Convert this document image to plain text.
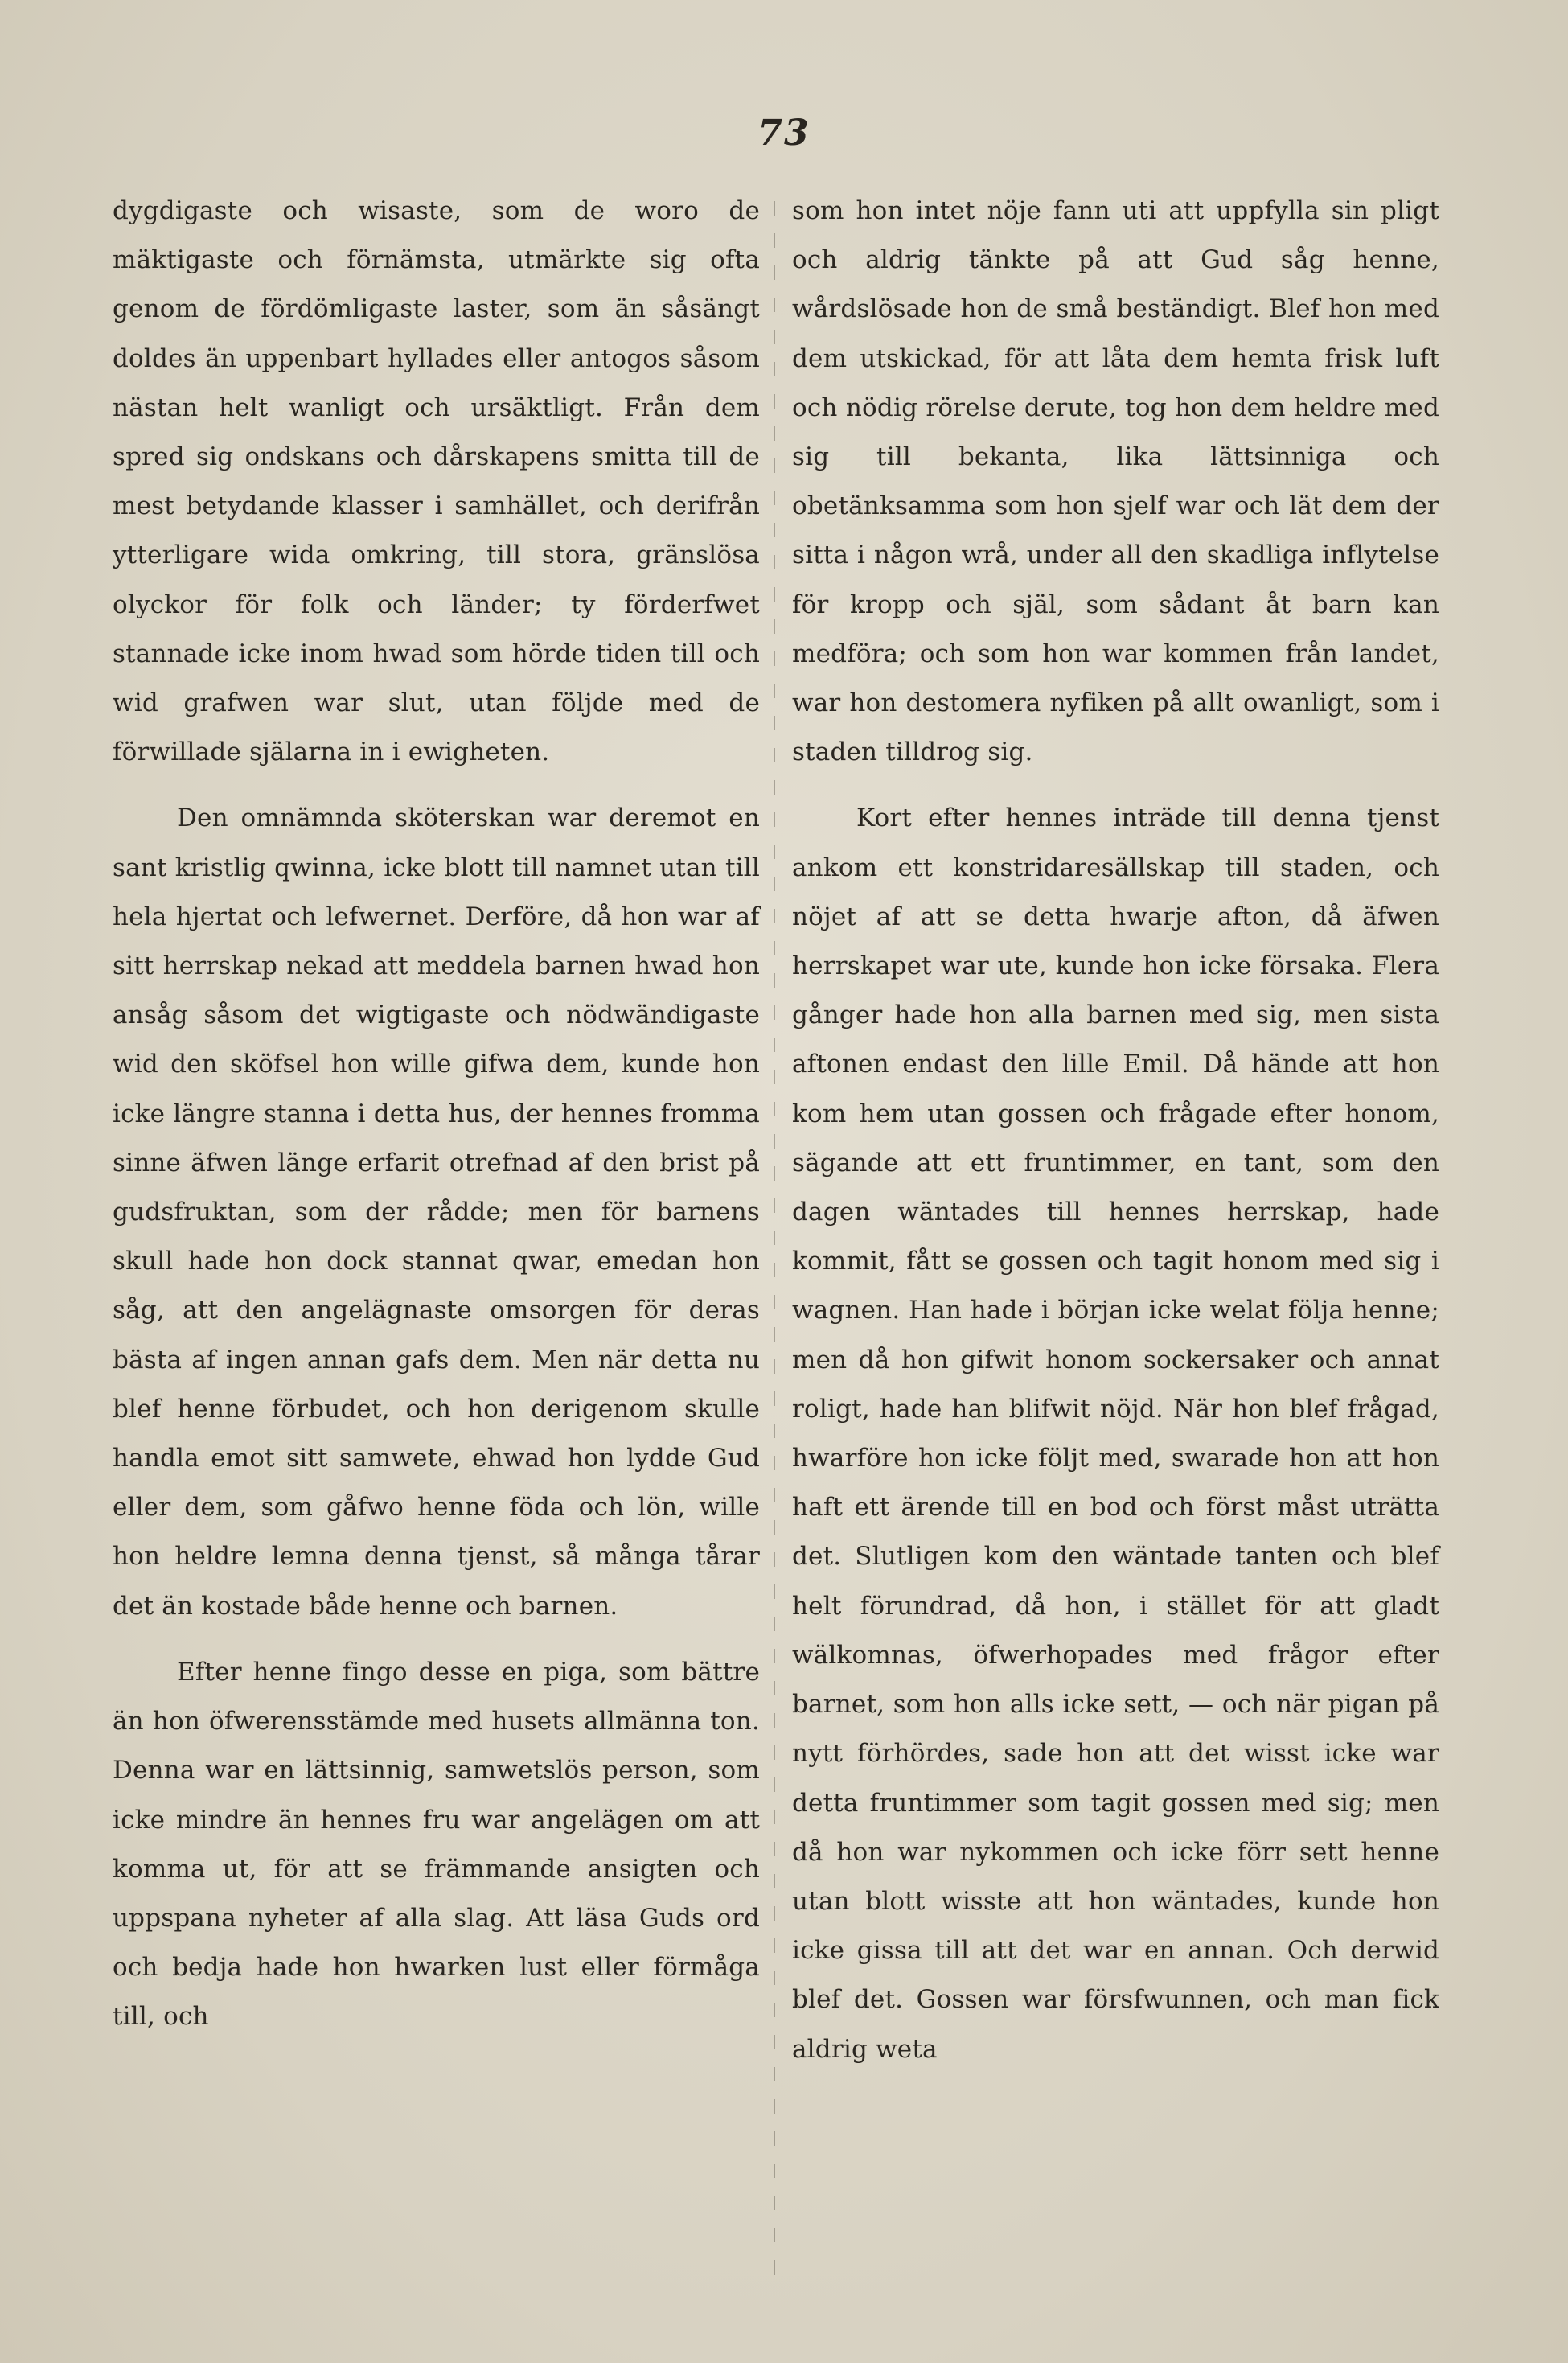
73

dygdigaste och wisaste, som de woro de mäktigaste och förnämsta, utmärkte sig ofta genom de fördömligaste laster, som än såsängt doldes än uppenbart hyllades eller antogos såsom nästan helt wanligt och ursäktligt. Från dem spred sig ondskans och dårskapens smitta till de mest betydande klasser i samhället, och derifrån ytterligare wida omkring, till stora, gränslösa olyckor för folk och länder; ty förderfwet stannade icke inom hwad som hörde tiden till och wid grafwen war slut, utan följde med de förwillade själarna in i ewigheten.

Den omnämnda sköterskan war deremot en sant kristlig qwinna, icke blott till namnet utan till hela hjertat och lefwernet. Derföre, då hon war af sitt herrskap nekad att meddela barnen hwad hon ansåg såsom det wigtigaste och nödwändigaste wid den sköfsel hon wille gifwa dem, kunde hon icke längre stanna i detta hus, der hennes fromma sinne äfwen länge erfarit otrefnad af den brist på gudsfruktan, som der rådde; men för barnens skull hade hon dock stannat qwar, emedan hon såg, att den angelägnaste omsorgen för deras bästa af ingen annan gafs dem. Men när detta nu blef henne förbudet, och hon derigenom skulle handla emot sitt samwete, ehwad hon lydde Gud eller dem, som gåfwo henne föda och lön, wille hon heldre lemna denna tjenst, så många tårar det än kostade både henne och barnen.

Efter henne fingo desse en piga, som bättre än hon öfwerensstämde med husets allmänna ton. Denna war en lättsinnig, samwetslös person, som icke mindre än hennes fru war angelägen om att komma ut, för att se främmande ansigten och uppspana nyheter af alla slag. Att läsa Guds ord och bedja hade hon hwarken lust eller förmåga till, och

som hon intet nöje fann uti att uppfylla sin pligt och aldrig tänkte på att Gud såg henne, wårdslösade hon de små beständigt. Blef hon med dem utskickad, för att låta dem hemta frisk luft och nödig rörelse derute, tog hon dem heldre med sig till bekanta, lika lättsinniga och obetänksamma som hon sjelf war och lät dem der sitta i någon wrå, under all den skadliga inflytelse för kropp och själ, som sådant åt barn kan medföra; och som hon war kommen från landet, war hon destomera nyfiken på allt owanligt, som i staden tilldrog sig.

Kort efter hennes inträde till denna tjenst ankom ett konstridaresällskap till staden, och nöjet af att se detta hwarje afton, då äfwen herrskapet war ute, kunde hon icke försaka. Flera gånger hade hon alla barnen med sig, men sista aftonen endast den lille Emil. Då hände att hon kom hem utan gossen och frågade efter honom, sägande att ett fruntimmer, en tant, som den dagen wäntades till hennes herrskap, hade kommit, fått se gossen och tagit honom med sig i wagnen. Han hade i början icke welat följa henne; men då hon gifwit honom sockersaker och annat roligt, hade han blifwit nöjd. När hon blef frågad, hwarföre hon icke följt med, swarade hon att hon haft ett ärende till en bod och först måst uträtta det. Slutligen kom den wäntade tanten och blef helt förundrad, då hon, i stället för att gladt wälkomnas, öfwerhopades med frågor efter barnet, som hon alls icke sett, — och när pigan på nytt förhördes, sade hon att det wisst icke war detta fruntimmer som tagit gossen med sig; men då hon war nykommen och icke förr sett henne utan blott wisste att hon wäntades, kunde hon icke gissa till att det war en annan. Och derwid blef det. Gossen war försfwunnen, och man fick aldrig weta
